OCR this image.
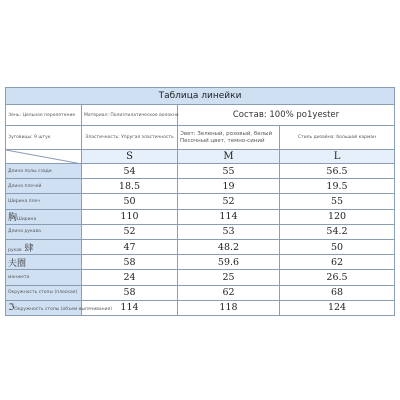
Таблица линейки			
ℑень: Цельное перелетение	Материал: Полиэтилатическое волокно	Состав: 100% po1yester	
ℑуговицы: 9 штук	Эластичность: Упругая эластичность	ℑвет: Зеленый, розовый, белый Песочный цвет, темно-синий	Стиль дизайна: большой карман

	S	M	L
Длина полы сзади	54	55	56.5
Длина плечей	18.5	19	19.5
Ширина плеч	50	52	55
胸Ширина	110	114	120
Длина рукава	52	53	54.2
рукав 肆	47	48.2	50
夫圈	58	59.6	62
манжета	24	25	26.5
Окружность стопы (плоская)	58	62	68
ℑОкружность стопы (объем выпячивания)	114	118	124
